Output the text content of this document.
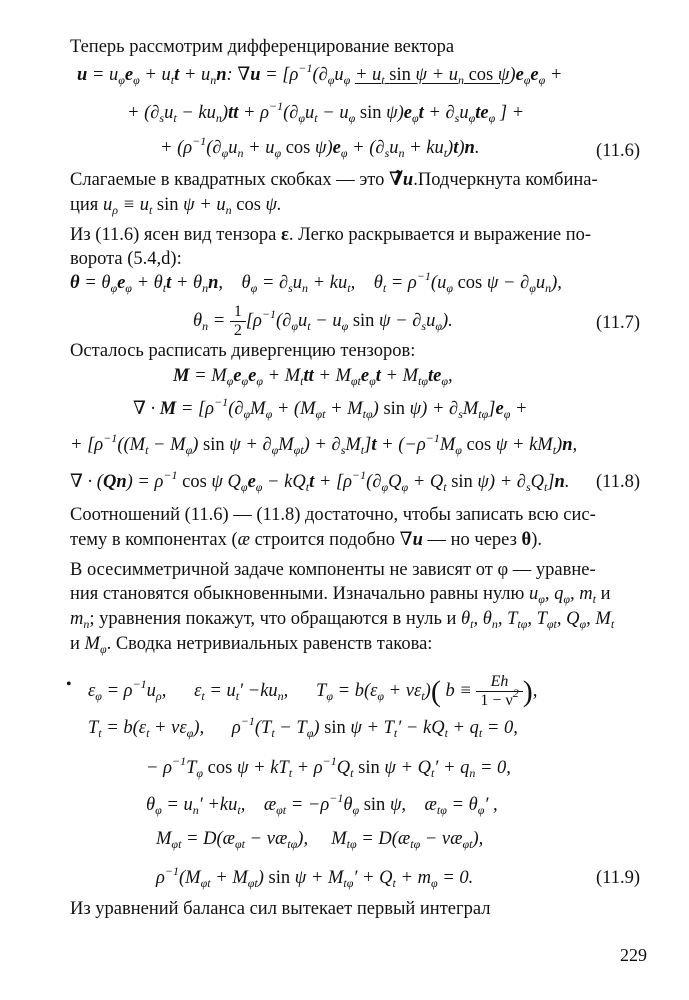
Теперь рассмотрим дифференцирование вектора
$u = u_\varphi e_\varphi + u_tt + u_nn$: $\nabla u = [\rho^{-1}(\partial_\varphi u_\varphi + u_t$ $\sin \psi + u_n$ $\cos \psi)e_\varphi e_\varphi$ +
+ $(\partial_su_t - ku_n)tt + \rho^{-1}(\partial_\varphi u_t - u_\varphi$ $\sin \psi)e_\varphi t + \partial_su_\varphi te_\varphi$ ] +
+ ($\rho^{-1}(\partial_\varphi u_n + u_\varphi$ $\cos \psi)e_\varphi + (\partial_su_n + ku_t)t)n$.	(11.6)
Слагаемые в квадратных скобках — это ∇̃u.Подчеркнута комбина-
ция $u_\rho \equiv u_t$ $\sin \psi + u_n$ cos ψ.
Из (11.6) ясен вид тензора ε. Легко раскрывается и выражение по-
ворота (5.4,d):
$\theta = \theta_\varphi e_\varphi + \theta_tt + \theta_nn$,    $\theta_\varphi = \partial_su_n + ku_t$,    $\theta_t = \rho^{-1}(u_\varphi$ $\cos \psi - \partial_\varphi u_n$),
$\theta_n = \frac{1}{2} [\rho^{-1}(\partial_\varphi u_t - u_\varphi$ $\sin \psi - \partial_su_\varphi$).	(11.7)
Осталось расписать дивергенцию тензоров:
$M = M_\varphi e_\varphi e_\varphi + M_ttt + M_{\varphi t}e_\varphi t + M_{t\varphi}te_\varphi$,
∇ · $M = [\rho^{-1}(\partial_\varphi M_\varphi + (M_{\varphi t} + M_{t\varphi})$ $\sin \psi) + \partial_sM_{t\varphi}]e_\varphi$ +
+ [$\rho^{-1}((M_t - M_\varphi)$ $\sin \psi + \partial_\varphi M_{\varphi t}) + \partial_sM_t]t + (-\rho^{-1}M_\varphi$ $\cos \psi + kM_t)n$,
∇ · $(Qn) = \rho^{-1}$ cos ψ $Q_\varphi e_\varphi - kQ_tt + [\rho^{-1}(\partial_\varphi Q_\varphi + Q_t$ $\sin \psi) + \partial_sQ_t]n$. (11.8)
Соотношений (11.6) — (11.8) достаточно, чтобы записать всю сис-
тему в компонентах (æ строится подобно ∇u — но через θ).
В осесимметричной задаче компоненты не зависят от φ — уравне-
ния становятся обыкновенными. Изначально равны нулю $u_\varphi$, $q_\varphi$, $m_t$ и
$m_n$; уравнения покажут, что обращаются в нуль и $\theta_t$, $\theta_n$, $T_{t\varphi}$, $T_{\varphi t}$, $Q_\varphi$, $M_t$
и $M_\varphi$. Сводка нетривиальных равенств такова:
• $\varepsilon_\varphi = \rho^{-1}u_\rho$,      $\varepsilon_t = u_t' -ku_n$,      $T_\varphi = b(\varepsilon_\varphi + \nu\varepsilon_t)$( $b \equiv \frac{Eh}{1 - \nu^2}$ ),
$T_t = b(\varepsilon_t + \nu\varepsilon_\varphi)$,      $\rho^{-1}(T_t - T_\varphi)$ $\sin \psi + T_t' - kQ_t + q_t = 0$,
− $\rho^{-1}T_\varphi$ $\cos \psi + kT_t + \rho^{-1}Q_t$ $\sin \psi + Q_t' + q_n = 0$,
$\theta_\varphi = u_n' +ku_t$,    $æ_{\varphi t} = -\rho^{-1}\theta_\varphi$ sin ψ,    $æ_{t\varphi} = \theta_\varphi'$ ,
$M_{\varphi t}$ = $D(æ_{\varphi t}$ − $\nu æ_{t\varphi}$),     $M_{t\varphi}$ = $D(æ_{t\varphi}$ − $\nu æ_{\varphi t}$),
$\rho^{-1}(M_{\varphi t} + M_{\varphi t})$ $\sin \psi + M_{t\varphi}' + Q_t + m_\varphi = 0$.	(11.9)
Из уравнений баланса сил вытекает первый интеграл
229
